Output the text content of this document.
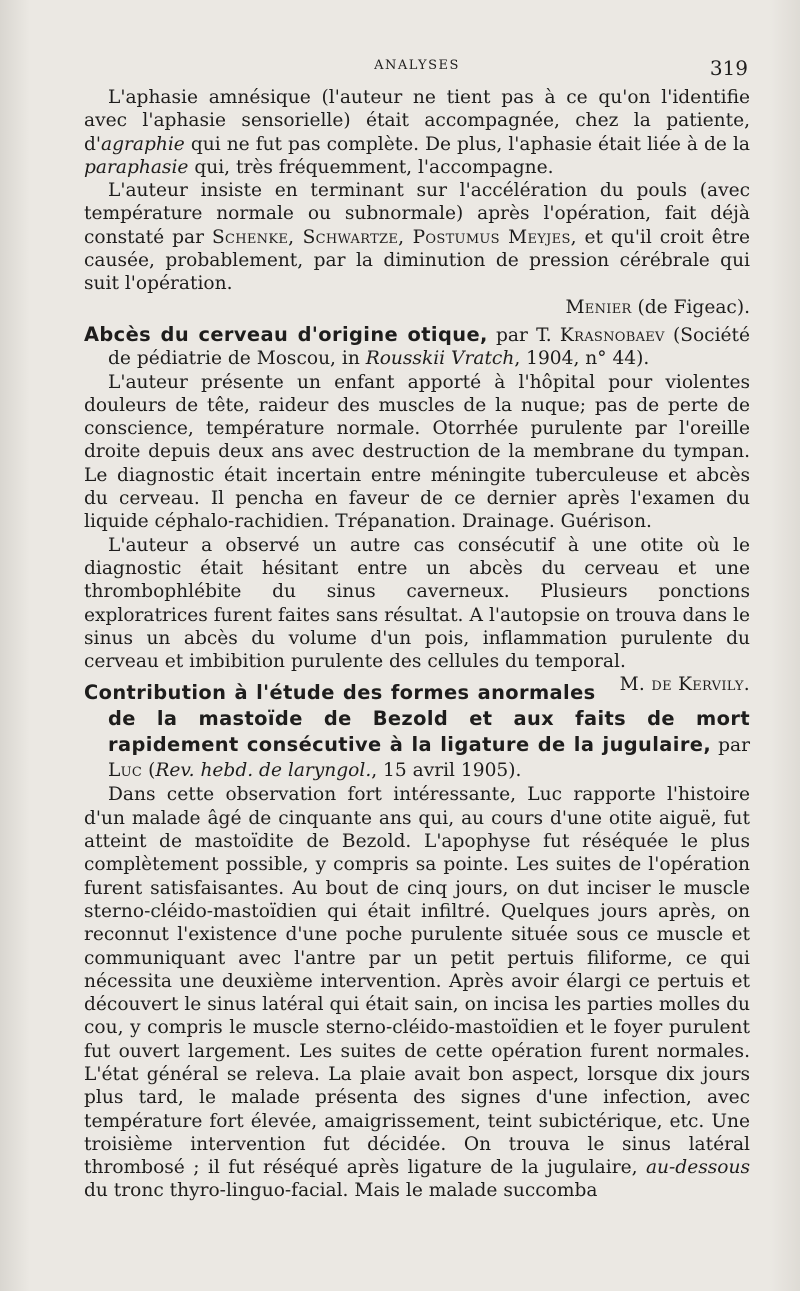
ANALYSES	319

L'aphasie amnésique (l'auteur ne tient pas à ce qu'on l'identifie avec l'aphasie sensorielle) était accompagnée, chez la patiente, d'agraphie qui ne fut pas complète. De plus, l'aphasie était liée à de la paraphasie qui, très fréquemment, l'accompagne.

L'auteur insiste en terminant sur l'accélération du pouls (avec température normale ou subnormale) après l'opération, fait déjà constaté par Schenke, Schwartze, Postumus Meyjes, et qu'il croit être causée, probablement, par la diminution de pression cérébrale qui suit l'opération.

Menier (de Figeac).

Abcès du cerveau d'origine otique, par T. Krasnobaev (Société de pédiatrie de Moscou, in Rousskii Vratch, 1904, n° 44).

L'auteur présente un enfant apporté à l'hôpital pour violentes douleurs de tête, raideur des muscles de la nuque; pas de perte de conscience, température normale. Otorrhée purulente par l'oreille droite depuis deux ans avec destruction de la membrane du tympan. Le diagnostic était incertain entre méningite tuberculeuse et abcès du cerveau. Il pencha en faveur de ce dernier après l'examen du liquide céphalo-rachidien. Trépanation. Drainage. Guérison.

L'auteur a observé un autre cas consécutif à une otite où le diagnostic était hésitant entre un abcès du cerveau et une thrombophlébite du sinus caverneux. Plusieurs ponctions exploratrices furent faites sans résultat. A l'autopsie on trouva dans le sinus un abcès du volume d'un pois, inflammation purulente du cerveau et imbibition purulente des cellules du temporal.
M. de Kervily.

Contribution à l'étude des formes anormales de la mastoïde de Bezold et aux faits de mort rapidement consécutive à la ligature de la jugulaire, par Luc (Rev. hebd. de laryngol., 15 avril 1905).

Dans cette observation fort intéressante, Luc rapporte l'histoire d'un malade âgé de cinquante ans qui, au cours d'une otite aiguë, fut atteint de mastoïdite de Bezold. L'apophyse fut réséquée le plus complètement possible, y compris sa pointe. Les suites de l'opération furent satisfaisantes. Au bout de cinq jours, on dut inciser le muscle sterno-cléido-mastoïdien qui était infiltré. Quelques jours après, on reconnut l'existence d'une poche purulente située sous ce muscle et communiquant avec l'antre par un petit pertuis filiforme, ce qui nécessita une deuxième intervention. Après avoir élargi ce pertuis et découvert le sinus latéral qui était sain, on incisa les parties molles du cou, y compris le muscle sterno-cléido-mastoïdien et le foyer purulent fut ouvert largement. Les suites de cette opération furent normales. L'état général se releva. La plaie avait bon aspect, lorsque dix jours plus tard, le malade présenta des signes d'une infection, avec température fort élevée, amaigrissement, teint subictérique, etc. Une troisième intervention fut décidée. On trouva le sinus latéral thrombosé ; il fut réséqué après ligature de la jugulaire, au-dessous du tronc thyro-linguo-facial. Mais le malade succomba
